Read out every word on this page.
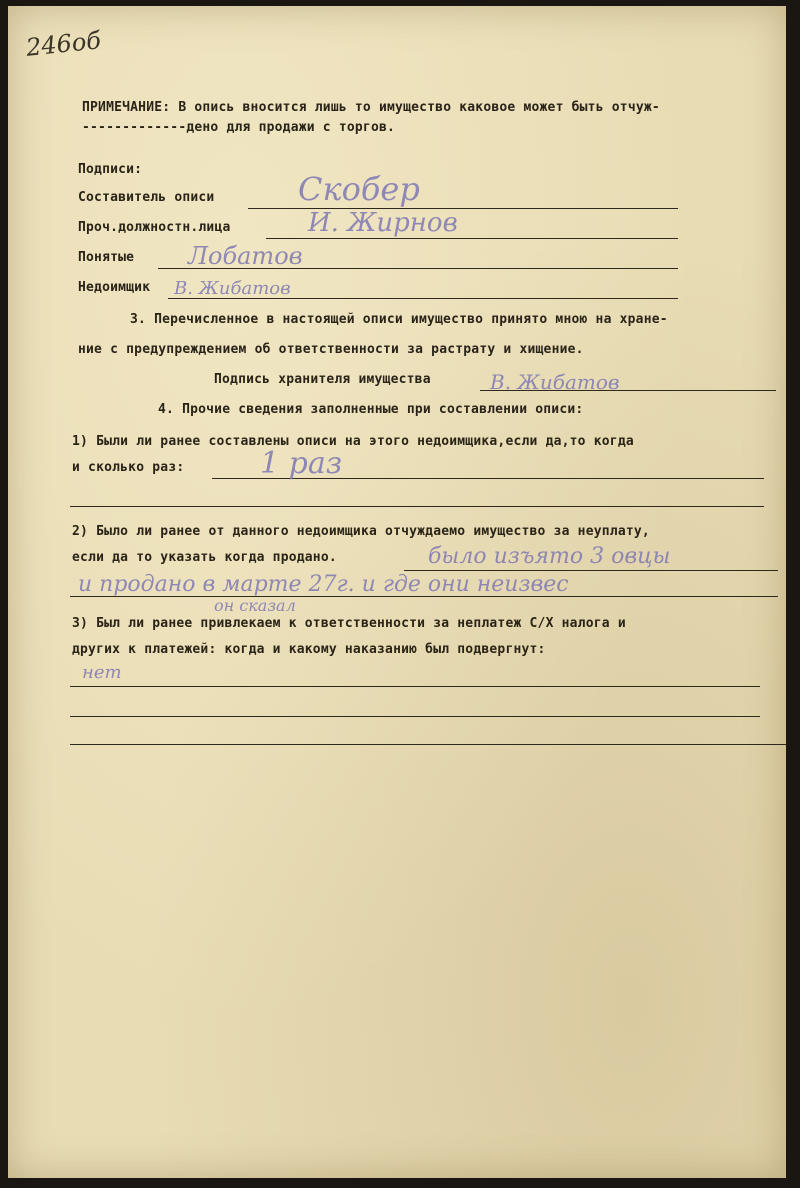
246об
ПРИМЕЧАНИЕ: В опись вносится лишь то имущество каковое может быть отчуж-
-------------дено для продажи с торгов.
Подписи:
Составитель описи	Скобер
Проч.должностн.лица	И. Жирнов
Понятые Лобатов
Недоимщик В. Жибатов
3. Перечисленное в настоящей описи имущество принято мною на хране-
ние с предупреждением об ответственности за растрату и хищение.
Подпись хранителя имущества	В. Жибатов
4. Прочие сведения заполненные при составлении описи:
1) Были ли ранее составлены описи на этого недоимщика,если да,то когда
и сколько раз:	1 раз
2) Было ли ранее от данного недоимщика отчуждаемо имущество за неуплату,
если да то указать когда продано.	было изъято 3 овцы
и продано в марте 27г. и где они неизвес
он сказал
3) Был ли ранее привлекаем к ответственности за неплатеж С/Х налога и
других к платежей: когда и какому наказанию был подвергнут:
нет
